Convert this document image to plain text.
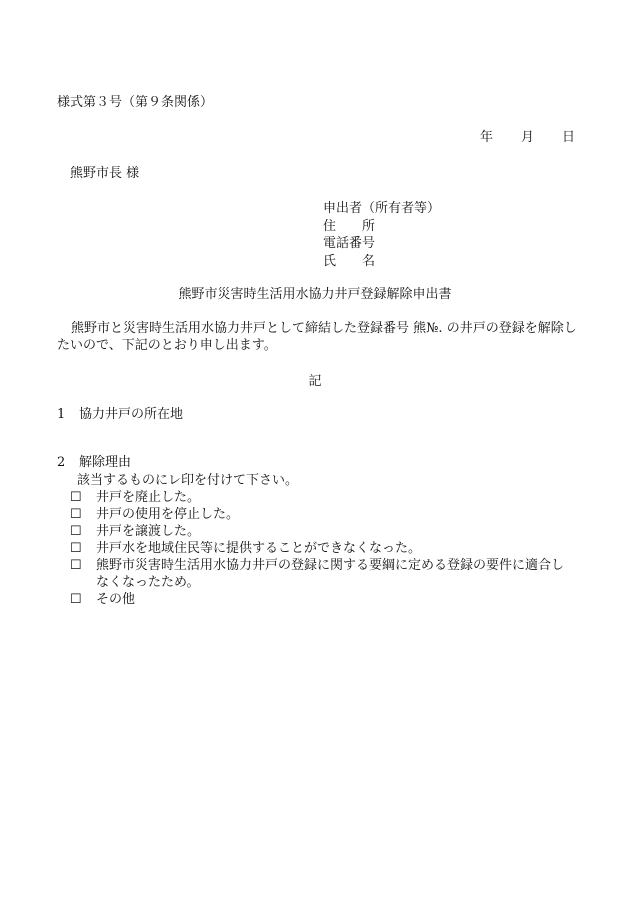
様式第３号（第９条関係）
年 月 日
熊野市長 様
申出者（所有者等）
住　　所
電話番号
氏　　名
熊野市災害時生活用水協力井戸登録解除申出書
熊野市と災害時生活用水協力井戸として締結した登録番号 熊№. の井戸の登録を解除したいので、下記のとおり申し出ます。
記
1 協力井戸の所在地
2 解除理由
該当するものにレ印を付けて下さい。
☐	井戸を廃止した。
☐	井戸の使用を停止した。
☐	井戸を譲渡した。
☐	井戸水を地域住民等に提供することができなくなった。
☐	熊野市災害時生活用水協力井戸の登録に関する要綱に定める登録の要件に適合しなくなったため。
☐	その他
